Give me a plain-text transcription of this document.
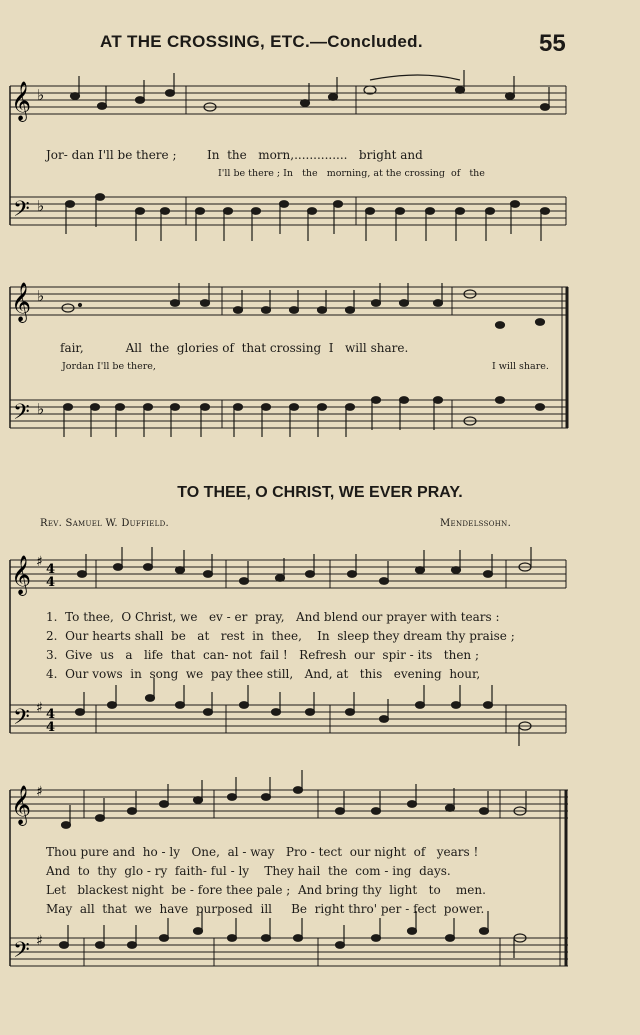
AT THE CROSSING, ETC.—Concluded.	55
𝄞
𝄢
♭
♭

Jor- dan I'll be there ;        In  the   morn,..............   bright and

I'll be there ; In   the   morning, at the crossing  of   the

𝄞
𝄢
♭
♭

fair,           All  the  glories of  that crossing  I   will share.

Jordan I'll be there,	I will share.

TO THEE, O CHRIST, WE EVER PRAY.
Rev. Samuel W. Duffield.	Mendelssohn.
𝄞
𝄢
♯
♯
4
4
4
4

1.  To thee,  O Christ, we   ev - er  pray,   And blend our prayer with tears :

2.  Our hearts shall  be   at   rest  in  thee,    In  sleep they dream thy praise ;

3.  Give  us   a   life  that  can- not  fail !   Refresh  our  spir - its   then ;

4.  Our vows  in  song  we  pay thee still,   And, at   this   evening  hour,

𝄞
𝄢
♯
♯

Thou pure and  ho - ly   One,  al - way   Pro - tect  our night  of   years !

And  to  thy  glo - ry  faith- ful - ly    They hail  the  com - ing  days.

Let   blackest night  be - fore thee pale ;  And bring thy  light   to    men.

May  all  that  we  have  purposed  ill     Be  right thro' per - fect  power.
